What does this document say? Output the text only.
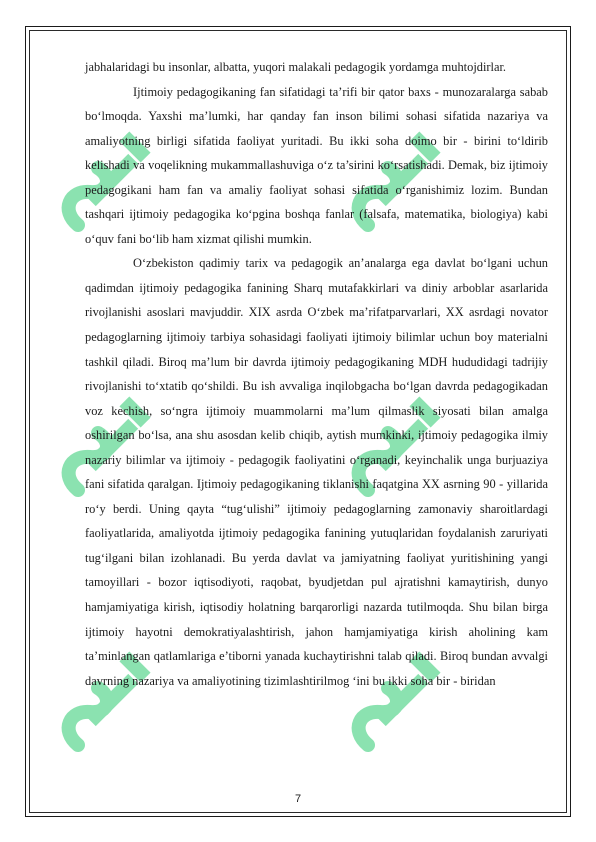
jabhalaridagi bu insonlar, albatta, yuqori malakali pedagogik yordamga muhtojdirlar.

Ijtimoiy pedagogikaning fan sifatidagi ta’rifi bir qator baxs - munozaralarga sabab bo‘lmoqda. Yaxshi ma’lumki, har qanday fan inson bilimi sohasi sifatida nazariya va amaliyotning birligi sifatida faoliyat yuritadi. Bu ikki soha doimo bir - birini to‘ldirib kelishadi va voqelikning mukammallashuviga o‘z ta’sirini ko‘rsatishadi. Demak, biz ijtimoiy pedagogikani ham fan va amaliy faoliyat sohasi sifatida o‘rganishimiz lozim. Bundan tashqari ijtimoiy pedagogika ko‘pgina boshqa fanlar (falsafa, matematika, biologiya) kabi o‘quv fani bo‘lib ham xizmat qilishi mumkin.

O‘zbekiston qadimiy tarix va pedagogik an’analarga ega davlat bo‘lgani uchun qadimdan ijtimoiy pedagogika fanining Sharq mutafakkirlari va diniy arboblar asarlarida rivojlanishi asoslari mavjuddir. XIX asrda O‘zbek ma’rifatparvarlari, XX asrdagi novator pedagoglarning ijtimoiy tarbiya sohasidagi faoliyati ijtimoiy bilimlar uchun boy materialni tashkil qiladi. Biroq ma’lum bir davrda ijtimoiy pedagogikaning MDH hududidagi tadrijiy rivojlanishi to‘xtatib qo‘shildi. Bu ish avvaliga inqilobgacha bo‘lgan davrda pedagogikadan voz kechish, so‘ngra ijtimoiy muammolarni ma’lum qilmaslik siyosati bilan amalga oshirilgan bo‘lsa, ana shu asosdan kelib chiqib, aytish mumkinki, ijtimoiy pedagogika ilmiy nazariy bilimlar va ijtimoiy - pedagogik faoliyatini o‘rganadi, keyinchalik unga burjuaziya fani sifatida qaralgan. Ijtimoiy pedagogikaning tiklanishi faqatgina XX asrning 90 - yillarida ro‘y berdi. Uning qayta “tug‘ulishi” ijtimoiy pedagoglarning zamonaviy sharoitlardagi faoliyatlarida, amaliyotda ijtimoiy pedagogika fanining yutuqlaridan foydalanish zaruriyati tug‘ilgani bilan izohlanadi. Bu yerda davlat va jamiyatning faoliyat yuritishining yangi tamoyillari - bozor iqtisodiyoti, raqobat, byudjetdan pul ajratishni kamaytirish, dunyo hamjamiyatiga kirish, iqtisodiy holatning barqarorligi nazarda tutilmoqda. Shu bilan birga ijtimoiy hayotni demokratiyalashtirish, jahon hamjamiyatiga kirish aholining kam ta’minlangan qatlamlariga e’tiborni yanada kuchaytirishni talab qiladi. Biroq bundan avvalgi davrning nazariya va amaliyotining tizimlashtirilmog ‘ini bu ikki soha bir - biridan

7
